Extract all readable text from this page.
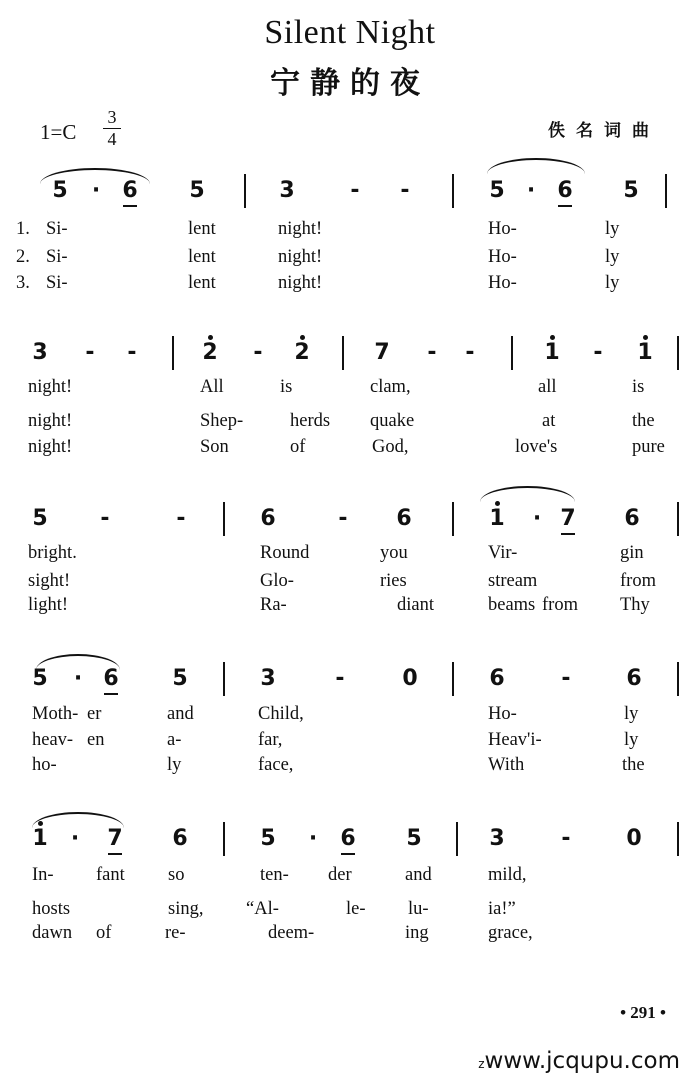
Silent Night
宁静的夜
1=C
3
4	佚名词曲
5	·	6 5	3	-	-	5	·	6 5
1. Si-	lent	night!	Ho-	ly
2. Si-	lent	night!	Ho-	ly
3. Si-	lent	night!	Ho-	ly
3	-	-	2	-	2	7	-	-	1	-	1
night!	All	is	clam,	all	is
night!	Shep-	herds quake	at	the
night!	Son	of	God,	love's	pure
5	-	-	6	-	6	1	· 7 6
bright.	Round	you	Vir-	gin
sight!	Glo-	ries	stream	from
light!	Ra-	diant	beams from Thy
5	· 6 5	3	-	0	6	-	6
Moth- er	and	Child,	Ho-	ly
heav- en	a-	far,	Heav'i-	ly
ho-	ly	face,	With	the
1	·	7 6	5	·	6 5	3	-	0
In- fant so	ten- der	and	mild,
hosts	sing, “Al-	le- lu-	ia!”
dawn of	re-	deem-	ing	grace,
• 291 •
zwww.jcqupu.com
